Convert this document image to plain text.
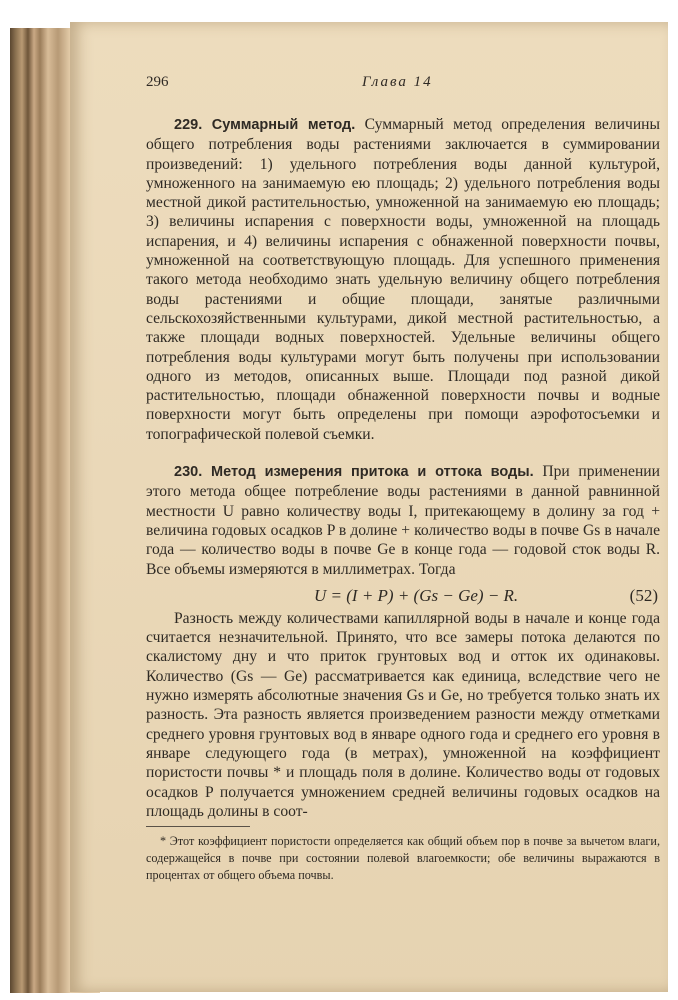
296	Глава 14

229. Суммарный метод. Суммарный метод определения величины общего потребления воды растениями заключается в суммировании произведений: 1) удельного потребления воды данной культурой, умноженного на занимаемую ею площадь; 2) удельного потребления воды местной дикой растительностью, умноженной на занимаемую ею площадь; 3) величины испарения с поверхности воды, умноженной на площадь испарения, и 4) величины испарения с обнаженной поверхности почвы, умноженной на соответствующую площадь. Для успешного применения такого метода необходимо знать удельную величину общего потребления воды растениями и общие площади, занятые различными сельскохозяйственными культурами, дикой местной растительностью, а также площади водных поверхностей. Удельные величины общего потребления воды культурами могут быть получены при использовании одного из методов, описанных выше. Площади под разной дикой растительностью, площади обнаженной поверхности почвы и водные поверхности могут быть определены при помощи аэрофотосъемки и топографической полевой съемки.

230. Метод измерения притока и оттока воды. При применении этого метода общее потребление воды растениями в данной равнинной местности U равно количеству воды I, притекающему в долину за год + величина годовых осадков P в долине + количество воды в почве Gs в начале года — количество воды в почве Ge в конце года — годовой сток воды R. Все объемы измеряются в миллиметрах. Тогда

U = (I + P) + (Gs − Ge) − R.	(52)

Разность между количествами капиллярной воды в начале и конце года считается незначительной. Принято, что все замеры потока делаются по скалистому дну и что приток грунтовых вод и отток их одинаковы. Количество (Gs — Ge) рассматривается как единица, вследствие чего не нужно измерять абсолютные значения Gs и Ge, но требуется только знать их разность. Эта разность является произведением разности между отметками среднего уровня грунтовых вод в январе одного года и среднего его уровня в январе следующего года (в метрах), умноженной на коэффициент пористости почвы * и площадь поля в долине. Количество воды от годовых осадков P получается умножением средней величины годовых осадков на площадь долины в соот-

* Этот коэффициент пористости определяется как общий объем пор в почве за вычетом влаги, содержащейся в почве при состоянии полевой влагоемкости; обе величины выражаются в процентах от общего объема почвы.
